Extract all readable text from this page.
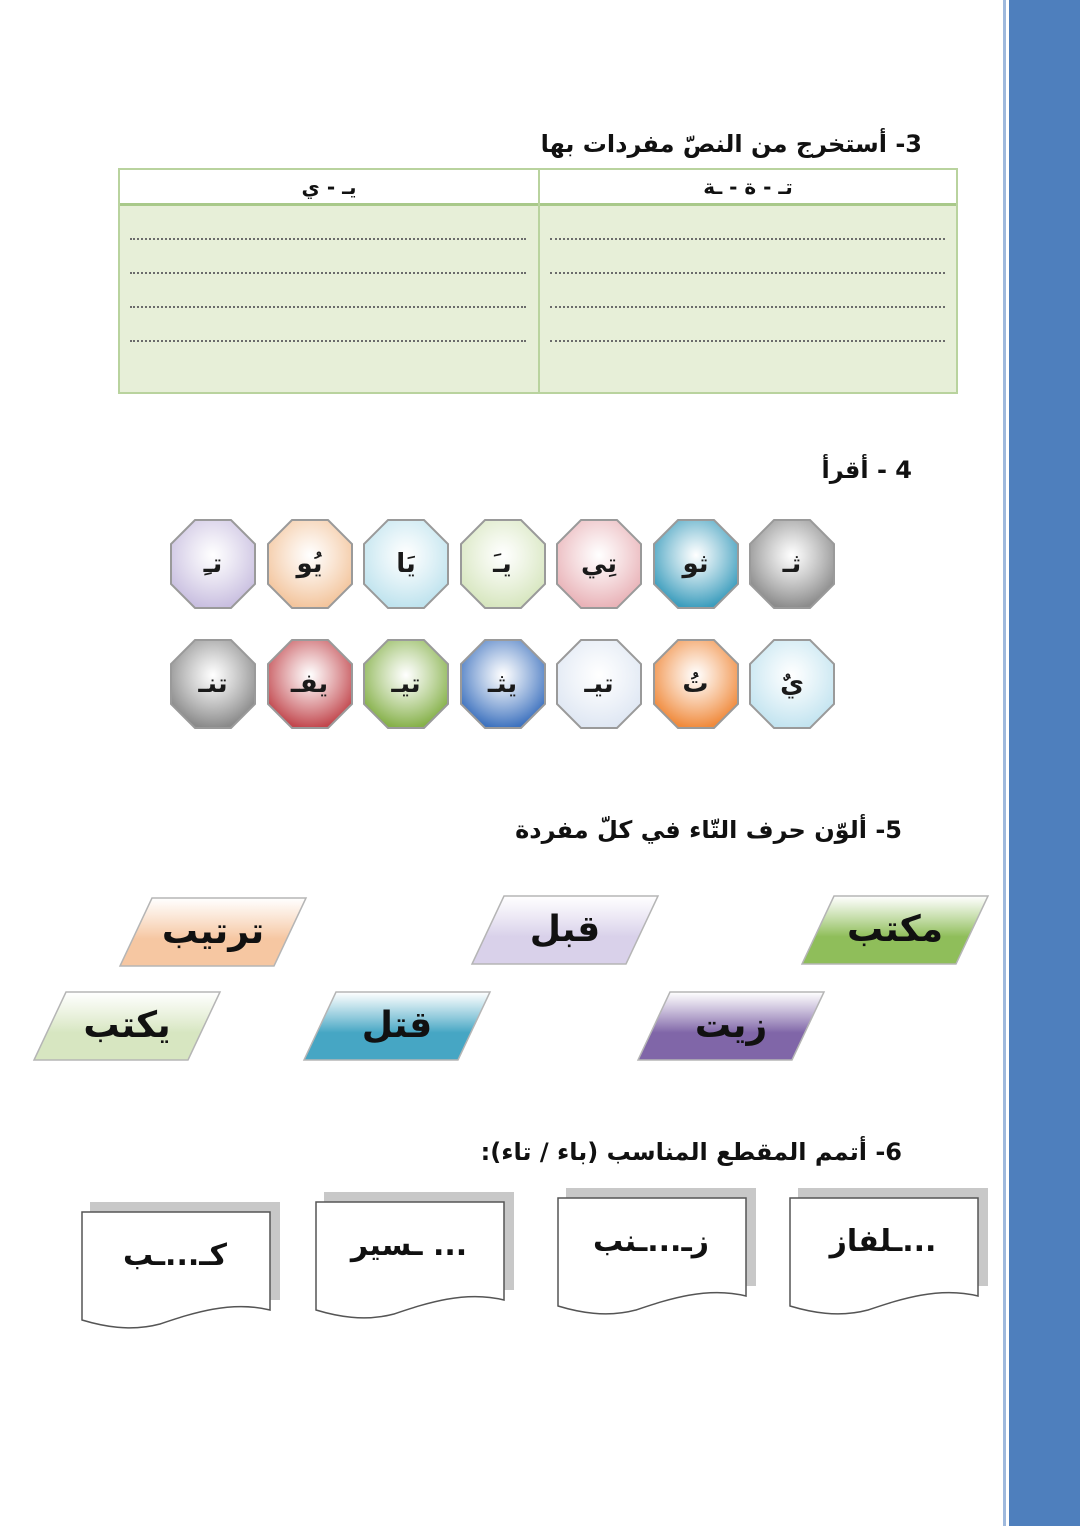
3- أستخرج من النصّ مفردات بها
تـ - ة - ـة
يـ - ي
4 - أقرأ
ثـ
ثو
تِي
يـَ
يَا
يُو
تـِ
يٌ
تُ
تيـ
يثـ
تيـ
يفـ
تنـ
5- ألوّن حرف التّاء في كلّ مفردة
مكتب
قبل
ترتيب
زيت
قتل
يكتب
6- أتمم المقطع المناسب (باء / تاء):
...ـلفاز
زـ...ـنب
... ـسير
كـ...ـب
